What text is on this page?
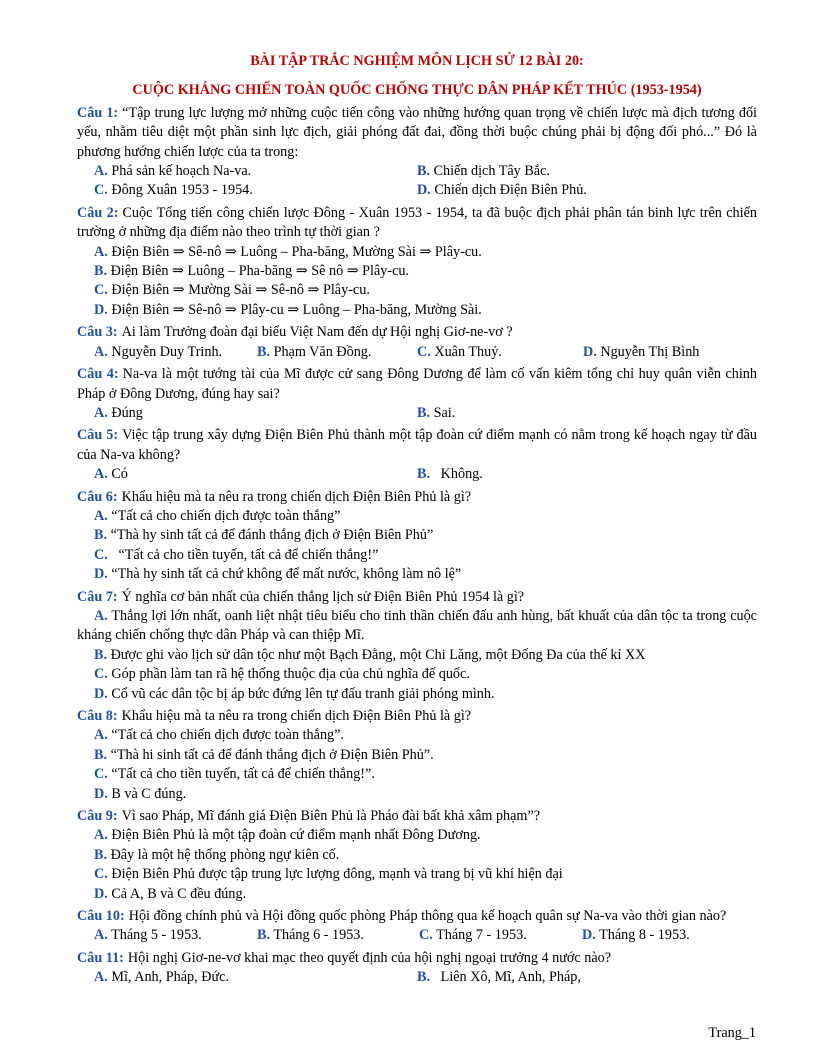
BÀI TẬP TRẮC NGHIỆM MÔN LỊCH SỬ 12 BÀI 20:
CUỘC KHÁNG CHIẾN TOÀN QUỐC CHỐNG THỰC DÂN PHÁP KẾT THÚC (1953-1954)

Câu 1: “Tập trung lực lượng mở những cuộc tiến công vào những hướng quan trọng về chiến lược mà địch tương đối yếu, nhằm tiêu diệt một phần sinh lực địch, giải phóng đất đai, đồng thời buộc chúng phải bị động đối phó...” Đó là phương hướng chiến lược của ta trong:

A. Phá sản kế hoạch Na-va.	B. Chiến dịch Tây Bắc.

C. Đông Xuân 1953 - 1954.	D. Chiến dịch Điện Biên Phủ.

Câu 2: Cuộc Tổng tiến công chiến lược Đông - Xuân 1953 - 1954, ta đã buộc địch phải phân tán binh lực trên chiến trường ở những địa điểm nào theo trình tự thời gian ?

A. Điện Biên ⇒ Sê-nô ⇒ Luông – Pha-băng, Mường Sài ⇒ Plây-cu.

B. Điện Biên ⇒ Luông – Pha-băng ⇒ Sê nô ⇒ Plây-cu.

C. Điện Biên ⇒ Mường Sài ⇒ Sê-nô ⇒ Plây-cu.

D. Điện Biên ⇒ Sê-nô ⇒ Plây-cu ⇒ Luông – Pha-băng, Mường Sài.

Câu 3: Ai làm Trưởng đoàn đại biểu Việt Nam đến dự Hội nghị Giơ-ne-vơ ?

A. Nguyễn Duy Trinh.	B. Phạm Văn Đồng.	C. Xuân Thuỷ.	D. Nguyễn Thị Bình

Câu 4: Na-va là một tướng tài của Mĩ được cử sang Đông Dương để làm cố vấn kiêm tổng chỉ huy quân viễn chinh Pháp ở Đông Dương, đúng hay sai?

A. Đúng	B. Sai.

Câu 5: Việc tập trung xây dựng Điện Biên Phủ thành một tập đoàn cứ điểm mạnh có nằm trong kế hoạch ngay từ đầu của Na-va không?

A. Có	B.   Không.

Câu 6: Khẩu hiệu mà ta nêu ra trong chiến dịch Điện Biên Phủ là gì?

A. “Tất cả cho chiến dịch được toàn thắng”

B. “Thà hy sinh tất cả để đánh thắng địch ở Điện Biên Phủ”

C.   “Tất cả cho tiền tuyến, tất cả để chiến thắng!”

D. “Thà hy sinh tất cả chứ không để mất nước, không làm nô lệ”

Câu 7: Ý nghĩa cơ bản nhất của chiến thắng lịch sử Điện Biên Phủ 1954 là gì?

A. Thắng lợi lớn nhất, oanh liệt nhật tiêu biểu cho tinh thần chiến đấu anh hùng, bất khuất của dân tộc ta trong cuộc kháng chiến chống thực dân Pháp và can thiệp Mĩ.

B. Được ghi vào lịch sử dân tộc như một Bạch Đằng, một Chi Lăng, một Đống Đa của thế kỉ XX

C. Góp phần làm tan rã hệ thống thuộc địa của chủ nghĩa đế quốc.

D. Cổ vũ các dân tộc bị áp bức đứng lên tự đấu tranh giải phóng mình.

Câu 8: Khẩu hiệu mà ta nêu ra trong chiến dịch Điện Biên Phủ là gì?

A. “Tất cả cho chiến dịch được toàn thắng”.

B. “Thà hi sinh tất cả để đánh thắng địch ở Điện Biên Phủ”.

C. “Tất cả cho tiền tuyến, tất cả để chiến thắng!”.

D. B và C đúng.

Câu 9: Vì sao Pháp, Mĩ đánh giá Điện Biên Phủ là Pháo đài bất khả xâm phạm”?

A. Điện Biên Phủ là một tập đoàn cứ điểm mạnh nhất Đông Dương.

B. Đây là một hệ thống phòng ngự kiên cố.

C. Điện Biên Phủ được tập trung lực lượng đông, mạnh và trang bị vũ khí hiện đại

D. Cả A, B và C đều đúng.

Câu 10: Hội đồng chính phủ và Hội đồng quốc phòng Pháp thông qua kế hoạch quân sự Na-va vào thời gian nào?

A. Tháng 5 - 1953.	B. Tháng 6 - 1953.	C. Tháng 7 - 1953.	D. Tháng 8 - 1953.

Câu 11: Hội nghị Giơ-ne-vơ khai mạc theo quyết định của hội nghị ngoại trưởng 4 nước nào?

A. Mĩ, Anh, Pháp, Đức.	B.   Liên Xô, Mĩ, Anh, Pháp,

Trang_1
